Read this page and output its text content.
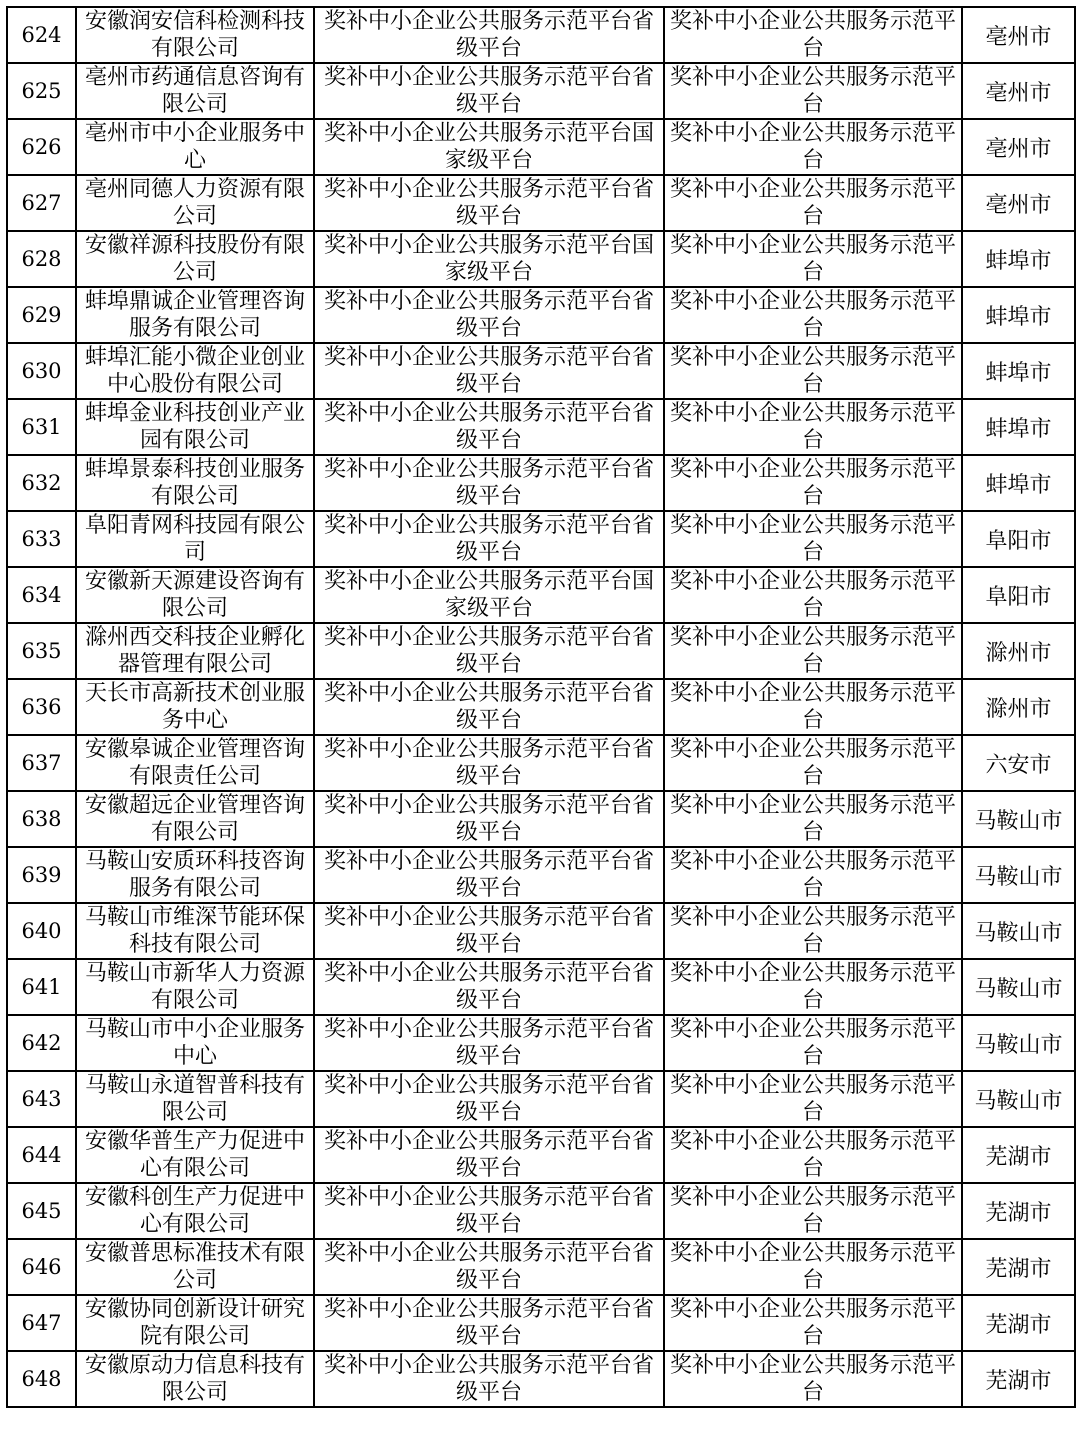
624	安徽润安信科检测科技有限公司	奖补中小企业公共服务示范平台省级平台	奖补中小企业公共服务示范平台	亳州市

625	亳州市药通信息咨询有限公司	奖补中小企业公共服务示范平台省级平台	奖补中小企业公共服务示范平台	亳州市

626	亳州市中小企业服务中心	奖补中小企业公共服务示范平台国家级平台	奖补中小企业公共服务示范平台	亳州市

627	亳州同德人力资源有限公司	奖补中小企业公共服务示范平台省级平台	奖补中小企业公共服务示范平台	亳州市

628	安徽祥源科技股份有限公司	奖补中小企业公共服务示范平台国家级平台	奖补中小企业公共服务示范平台	蚌埠市

629	蚌埠鼎诚企业管理咨询服务有限公司	奖补中小企业公共服务示范平台省级平台	奖补中小企业公共服务示范平台	蚌埠市

630	蚌埠汇能小微企业创业中心股份有限公司	奖补中小企业公共服务示范平台省级平台	奖补中小企业公共服务示范平台	蚌埠市

631	蚌埠金业科技创业产业园有限公司	奖补中小企业公共服务示范平台省级平台	奖补中小企业公共服务示范平台	蚌埠市

632	蚌埠景泰科技创业服务有限公司	奖补中小企业公共服务示范平台省级平台	奖补中小企业公共服务示范平台	蚌埠市

633	阜阳青网科技园有限公司	奖补中小企业公共服务示范平台省级平台	奖补中小企业公共服务示范平台	阜阳市

634	安徽新天源建设咨询有限公司	奖补中小企业公共服务示范平台国家级平台	奖补中小企业公共服务示范平台	阜阳市

635	滁州西交科技企业孵化器管理有限公司	奖补中小企业公共服务示范平台省级平台	奖补中小企业公共服务示范平台	滁州市

636	天长市高新技术创业服务中心	奖补中小企业公共服务示范平台省级平台	奖补中小企业公共服务示范平台	滁州市

637	安徽皋诚企业管理咨询有限责任公司	奖补中小企业公共服务示范平台省级平台	奖补中小企业公共服务示范平台	六安市

638	安徽超远企业管理咨询有限公司	奖补中小企业公共服务示范平台省级平台	奖补中小企业公共服务示范平台	马鞍山市

639	马鞍山安质环科技咨询服务有限公司	奖补中小企业公共服务示范平台省级平台	奖补中小企业公共服务示范平台	马鞍山市

640	马鞍山市维深节能环保科技有限公司	奖补中小企业公共服务示范平台省级平台	奖补中小企业公共服务示范平台	马鞍山市

641	马鞍山市新华人力资源有限公司	奖补中小企业公共服务示范平台省级平台	奖补中小企业公共服务示范平台	马鞍山市

642	马鞍山市中小企业服务中心	奖补中小企业公共服务示范平台省级平台	奖补中小企业公共服务示范平台	马鞍山市

643	马鞍山永道智普科技有限公司	奖补中小企业公共服务示范平台省级平台	奖补中小企业公共服务示范平台	马鞍山市

644	安徽华普生产力促进中心有限公司	奖补中小企业公共服务示范平台省级平台	奖补中小企业公共服务示范平台	芜湖市

645	安徽科创生产力促进中心有限公司	奖补中小企业公共服务示范平台省级平台	奖补中小企业公共服务示范平台	芜湖市

646	安徽普思标准技术有限公司	奖补中小企业公共服务示范平台省级平台	奖补中小企业公共服务示范平台	芜湖市

647	安徽协同创新设计研究院有限公司	奖补中小企业公共服务示范平台省级平台	奖补中小企业公共服务示范平台	芜湖市

648	安徽原动力信息科技有限公司	奖补中小企业公共服务示范平台省级平台	奖补中小企业公共服务示范平台	芜湖市
